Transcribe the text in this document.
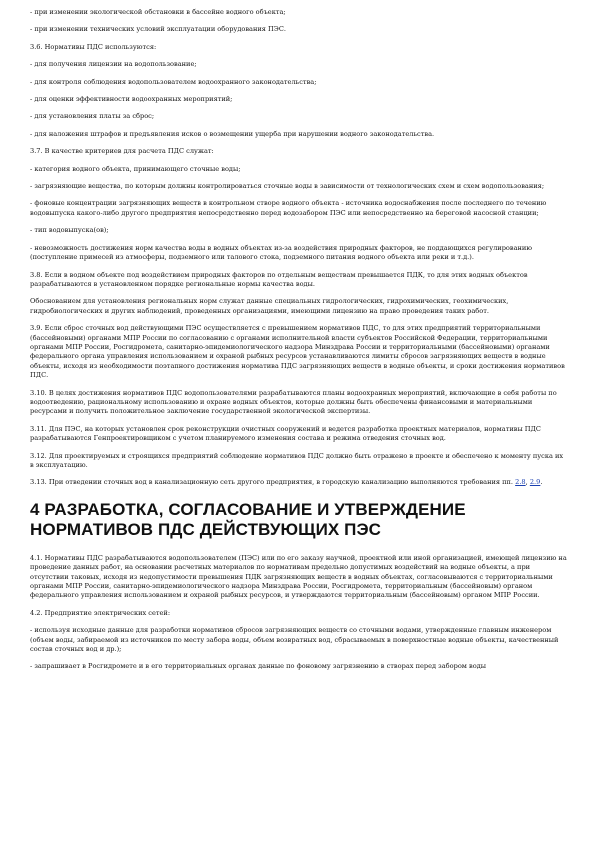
- при изменении экологической обстановки в бассейне водного объекта;

- при изменении технических условий эксплуатации оборудования ПЭС.

3.6. Нормативы ПДС используются:

- для получения лицензии на водопользование;

- для контроля соблюдения водопользователем водоохранного законодательства;

- для оценки эффективности водоохранных мероприятий;

- для установления платы за сброс;

- для наложения штрафов и предъявления исков о возмещении ущерба при нарушении водного законодательства.

3.7. В качестве критериев для расчета ПДС служат:

- категория водного объекта, принимающего сточные воды;

- загрязняющие вещества, по которым должны контролироваться сточные воды в зависимости от технологических схем и схем водопользования;

- фоновые концентрации загрязняющих веществ в контрольном створе водного объекта - источника водоснабжения после последнего по течению водовыпуска какого-либо другого предприятия непосредственно перед водозабором ПЭС или непосредственно на береговой насосной станции;

- тип водовыпуска(ов);

- невозможность достижения норм качества воды в водных объектах из-за воздействия природных факторов, не поддающихся регулированию (поступление примесей из атмосферы, подземного или талового стока, подземного питания водного объекта или реки и т.д.).

3.8. Если в водном объекте под воздействием природных факторов по отдельным веществам превышается ПДК, то для этих водных объектов разрабатываются в установленном порядке региональные нормы качества воды.

Обоснованием для установления региональных норм служат данные специальных гидрологических, гидрохимических, геохимических, гидробиологических и других наблюдений, проведенных организациями, имеющими лицензию на право проведения таких работ.

3.9. Если сброс сточных вод действующими ПЭС осуществляется с превышением нормативов ПДС, то для этих предприятий территориальными (бассейновыми) органами МПР России по согласованию с органами исполнительной власти субъектов Российской Федерации, территориальными органами МПР России, Росгидромета, санитарно-эпидемиологического надзора Минздрава России и территориальными (бассейновыми) органами федерального органа управления использованием и охраной рыбных ресурсов устанавливаются лимиты сбросов загрязняющих веществ в водные объекты, исходя из необходимости поэтапного достижения норматива ПДС загрязняющих веществ в водные объекты, и сроки достижения нормативов ПДС.

3.10. В целях достижения нормативов ПДС водопользователями разрабатываются планы водоохранных мероприятий, включающие в себя работы по водоотведению, рациональному использованию и охране водных объектов, которые должны быть обеспечены финансовыми и материальными ресурсами и получить положительное заключение государственной экологической экспертизы.

3.11. Для ПЭС, на которых установлен срок реконструкции очистных сооружений и ведется разработка проектных материалов, нормативы ПДС разрабатываются Генпроектировщиком с учетом планируемого изменения состава и режима отведения сточных вод.

3.12. Для проектируемых и строящихся предприятий соблюдение нормативов ПДС должно быть отражено в проекте и обеспечено к моменту пуска их в эксплуатацию.

3.13. При отведении сточных вод в канализационную сеть другого предприятия, в городскую канализацию выполняются требования пп. 2.8, 2.9.

4 РАЗРАБОТКА, СОГЛАСОВАНИЕ И УТВЕРЖДЕНИЕ НОРМАТИВОВ ПДС ДЕЙСТВУЮЩИХ ПЭС

4.1. Нормативы ПДС разрабатываются водопользователем (ПЭС) или по его заказу научной, проектной или иной организацией, имеющей лицензию на проведение данных работ, на основании расчетных материалов по нормативам предельно допустимых воздействий на водные объекты, а при отсутствии таковых, исходя из недопустимости превышения ПДК загрязняющих веществ в водных объектах, согласовываются с территориальными органами МПР России, санитарно-эпидемиологического надзора Минздрава России, Росгидромета, территориальным (бассейновым) органом федерального управления использованием и охраной рыбных ресурсов, и утверждаются территориальным (бассейновым) органом МПР России.

4.2. Предприятие электрических сетей:

- используя исходные данные для разработки нормативов сбросов загрязняющих веществ со сточными водами, утвержденные главным инженером (объем воды, забираемой из источников по месту забора воды, объем возвратных вод, сбрасываемых в поверхностные водные объекты, качественный состав сточных вод и др.);

- запрашивает в Росгидромете и в его территориальных органах данные по фоновому загрязнению в створах перед забором воды
